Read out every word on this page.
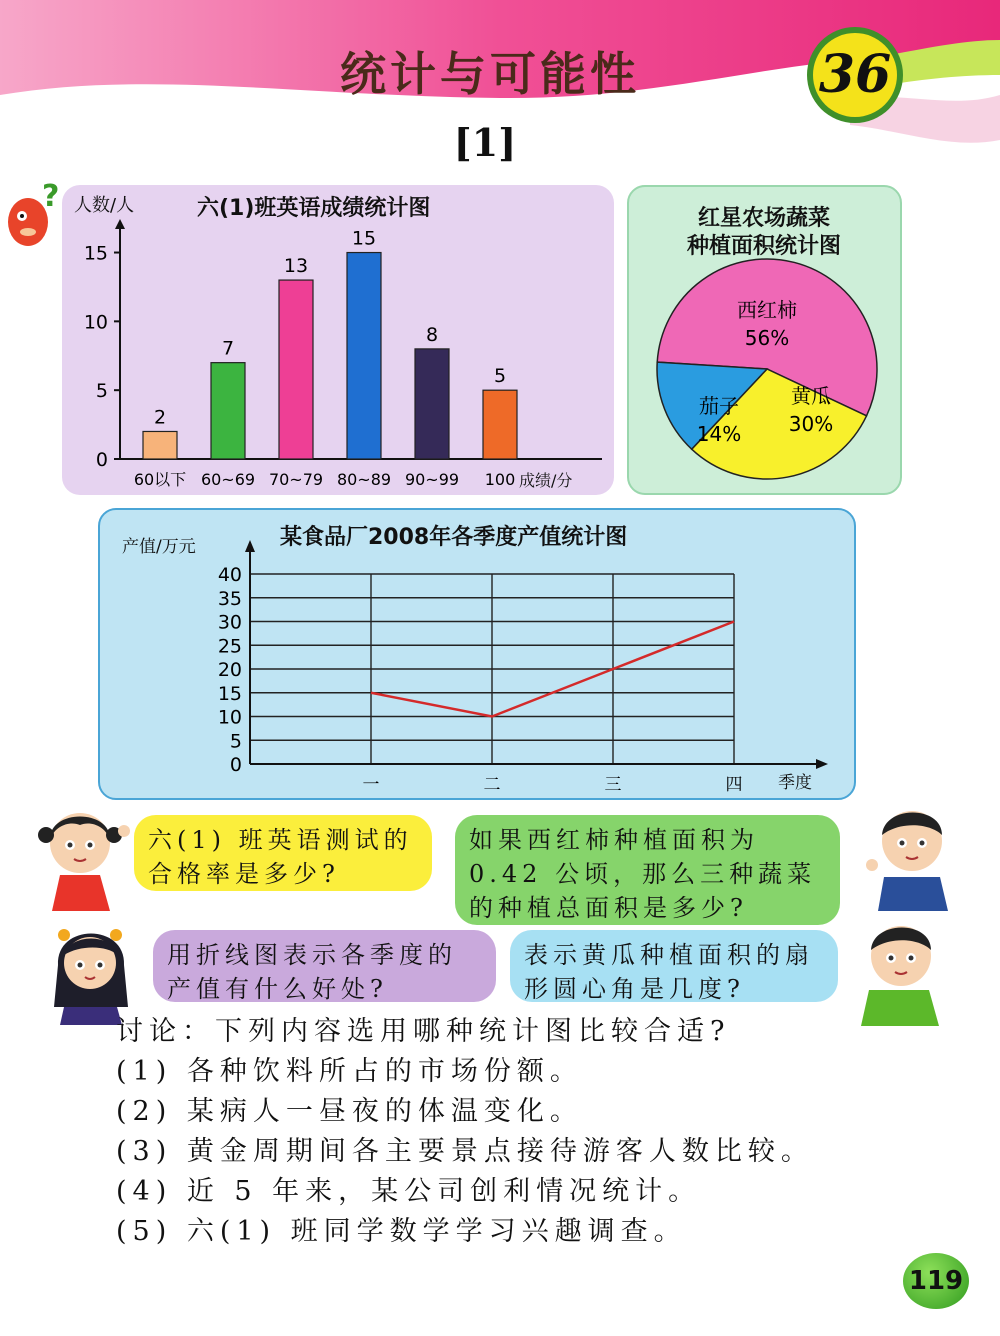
统计与可能性	36
[1]
?	六(1)班英语成绩统计图
人数/人
成绩/分
0
5
10
15
2
60以下
7
60~69
13
70~79
15
80~89
8
90~99
5
100
红星农场蔬菜
种植面积统计图
西红柿
56%
黄瓜
30%
茄子
14%
某食品厂2008年各季度产值统计图
产值/万元
季度
0
5
10
15
20
25
30
35
40
一	二	三	四
六(1) 班英语测试的合格率是多少?
如果西红柿种植面积为0.42 公顷，那么三种蔬菜的种植总面积是多少?
用折线图表示各季度的产值有什么好处?
表示黄瓜种植面积的扇形圆心角是几度?
讨论：下列内容选用哪种统计图比较合适?
(1) 各种饮料所占的市场份额。
(2) 某病人一昼夜的体温变化。
(3) 黄金周期间各主要景点接待游客人数比较。
(4) 近 5 年来，某公司创利情况统计。
(5) 六(1) 班同学数学学习兴趣调查。
119
